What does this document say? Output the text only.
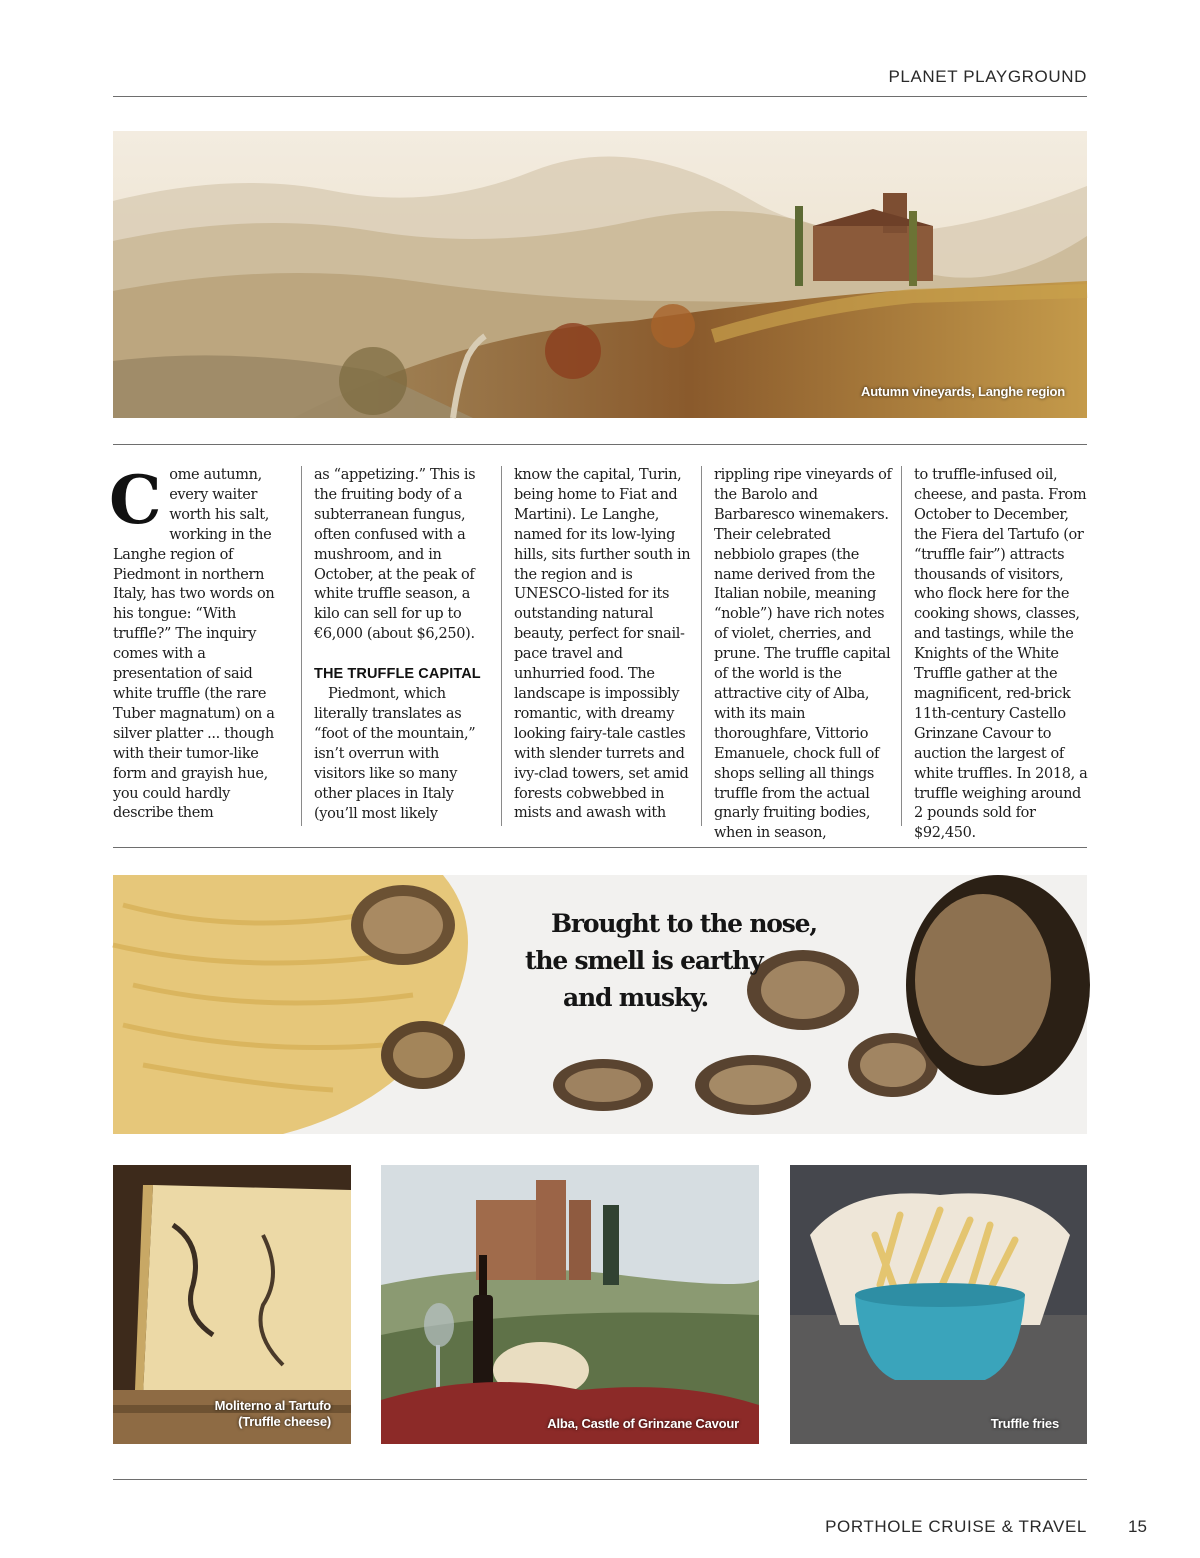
PLANET PLAYGROUND
Autumn vineyards, Langhe region
C ome autumn, every waiter worth his salt, working in the Langhe region of Piedmont in northern Italy, has two words on his tongue: “With truffle?” The inquiry comes with a presentation of said white truffle (the rare Tuber magnatum) on a silver platter ... though with their tumor-like form and grayish hue, you could hardly describe them
as “appetizing.” This is the fruiting body of a subterranean fungus, often confused with a mushroom, and in October, at the peak of white truffle season, a kilo can sell for up to €6,000 (about $6,250).
THE TRUFFLE CAPITAL
Piedmont, which literally translates as “foot of the mountain,” isn’t overrun with visitors like so many other places in Italy (you’ll most likely
know the capital, Turin, being home to Fiat and Martini). Le Langhe, named for its low-lying hills, sits further south in the region and is UNESCO-listed for its outstanding natural beauty, perfect for snail-pace travel and unhurried food. The landscape is impossibly romantic, with dreamy looking fairy-tale castles with slender turrets and ivy-clad towers, set amid forests cobwebbed in mists and awash with
rippling ripe vineyards of the Barolo and Barbaresco winemakers. Their celebrated nebbiolo grapes (the name derived from the Italian nobile, meaning “noble”) have rich notes of violet, cherries, and prune. The truffle capital of the world is the attractive city of Alba, with its main thoroughfare, Vittorio Emanuele, chock full of shops selling all things truffle from the actual gnarly fruiting bodies, when in season,
to truffle-infused oil, cheese, and pasta. From October to December, the Fiera del Tartufo (or “truffle fair”) attracts thousands of visitors, who flock here for the cooking shows, classes, and tastings, while the Knights of the White Truffle gather at the magnificent, red-brick 11th-century Castello Grinzane Cavour to auction the largest of white truffles. In 2018, a truffle weighing around 2 pounds sold for $92,450.
Brought to the nose,
the smell is earthy
and musky.
Moliterno al Tartufo
(Truffle cheese)	Alba, Castle of Grinzane Cavour	Truffle fries
PORTHOLE CRUISE & TRAVEL 15
